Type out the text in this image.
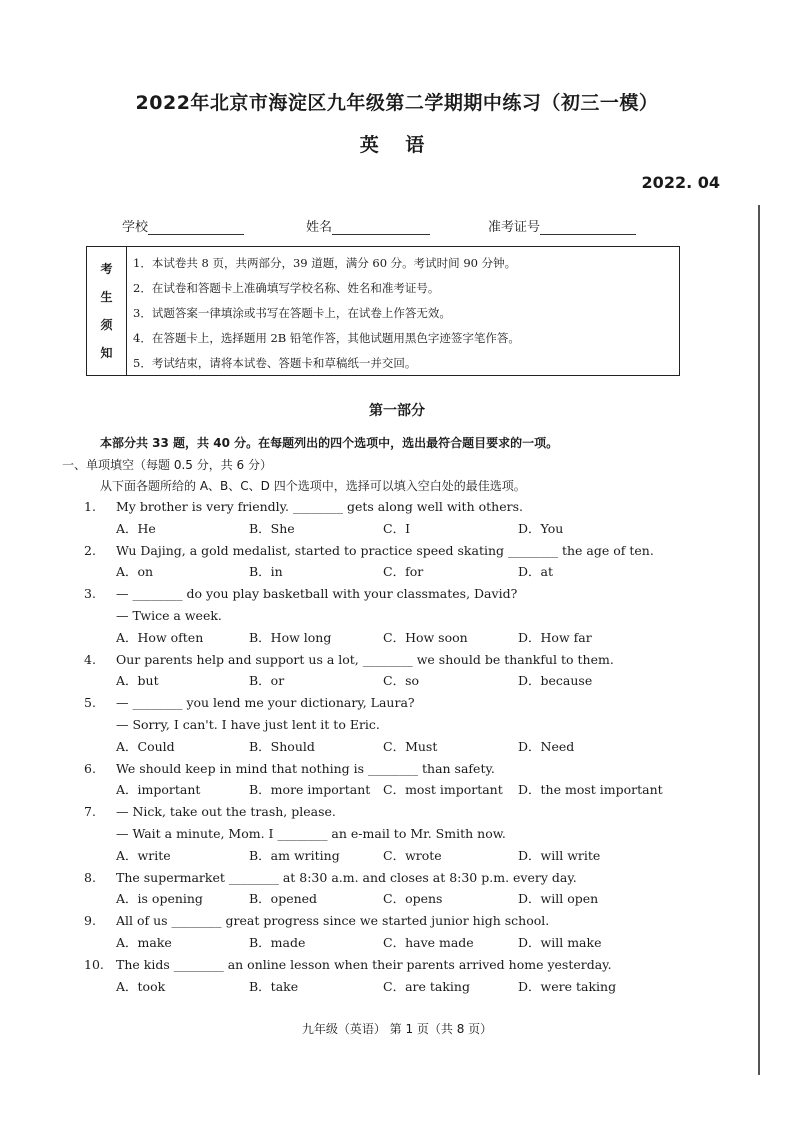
2022年北京市海淀区九年级第二学期期中练习（初三一模）
英 语
2022. 04
学校	姓名	准考证号
考
生
须
知
1．本试卷共 8 页，共两部分，39 道题，满分 60 分。考试时间 90 分钟。
2．在试卷和答题卡上准确填写学校名称、姓名和准考证号。
3．试题答案一律填涂或书写在答题卡上，在试卷上作答无效。
4．在答题卡上，选择题用 2B 铅笔作答，其他试题用黑色字迹签字笔作答。
5．考试结束，请将本试卷、答题卡和草稿纸一并交回。
第一部分
本部分共 33 题，共 40 分。在每题列出的四个选项中，选出最符合题目要求的一项。
一、单项填空（每题 0.5 分，共 6 分）
从下面各题所给的 A、B、C、D 四个选项中，选择可以填入空白处的最佳选项。
1. My brother is very friendly. ________ gets along well with others.
A．He	B．She	C．I	D．You
2. Wu Dajing, a gold medalist, started to practice speed skating ________ the age of ten.
A．on	B．in	C．for	D．at
3. — ________ do you play basketball with your classmates, David?
— Twice a week.
A．How often	B．How long	C．How soon	D．How far
4. Our parents help and support us a lot, ________ we should be thankful to them.
A．but	B．or	C．so	D．because
5. — ________ you lend me your dictionary, Laura?
— Sorry, I can't. I have just lent it to Eric.
A．Could	B．Should	C．Must	D．Need
6. We should keep in mind that nothing is ________ than safety.
A．important	B．more important C．most important D．the most important
7. — Nick, take out the trash, please.
— Wait a minute, Mom. I ________ an e-mail to Mr. Smith now.
A．write	B．am writing	C．wrote	D．will write
8. The supermarket ________ at 8:30 a.m. and closes at 8:30 p.m. every day.
A．is opening	B．opened	C．opens	D．will open
9. All of us ________ great progress since we started junior high school.
A．make	B．made	C．have made	D．will make
10. The kids ________ an online lesson when their parents arrived home yesterday.
A．took	B．take	C．are taking	D．were taking
九年级（英语） 第 1 页（共 8 页）
